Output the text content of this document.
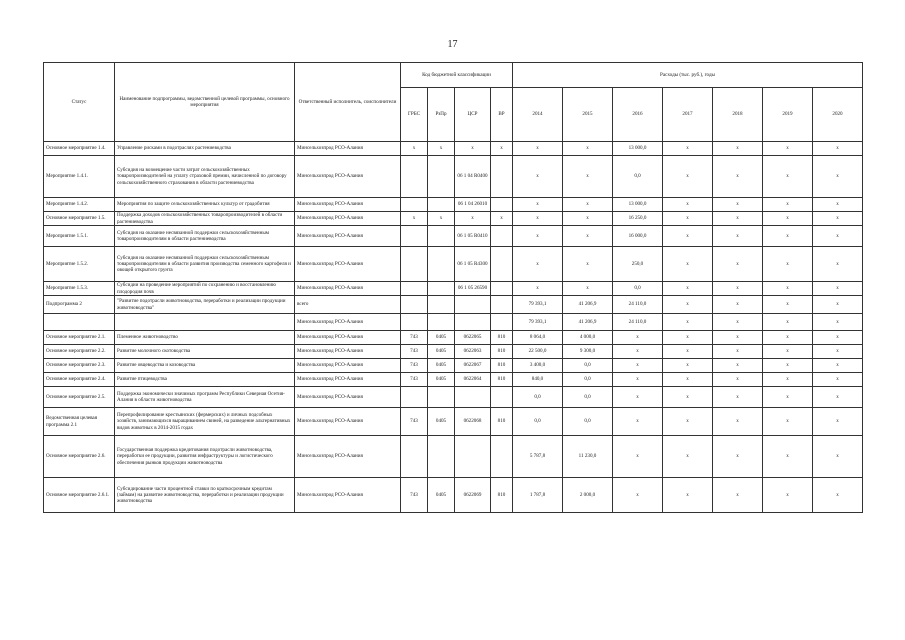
17
Статус	Наименование подпрограммы, ведомственной целевой программы, основного мероприятия	Ответственный исполнитель, соисполнители	Код бюджетной классификации				Расходы (тыс. руб.), годы						
			ГРБС	РзПр	ЦСР	ВР	2014	2015	2016	2017	2018	2019	2020
Основное мероприятие 1.4.	Управление рисками в подотраслях растениеводства	Минсельхозпрод РСО-Алания	х	х	х	х	х	х	13 000,0	х	х	х	х
Мероприятие 1.4.1.	Субсидия на возмещение части затрат сельскохозяйственных товаропроизводителей на уплату страховой премии, начисленной по договору сельскохозяйственного страхования в области растениеводства	Минсельхозпрод РСО-Алания			06 1 04 R0400		х	х	0,0	х	х	х	х
Мероприятие 1.4.2.	Мероприятия по защите сельскохозяйственных культур от градобития	Минсельхозпрод РСО-Алания			06 1 04 26010		х	х	13 000,0	х	х	х	х
Основное мероприятие 1.5.	Поддержка доходов сельскохозяйственных товаропроизводителей в области растениеводства	Минсельхозпрод РСО-Алания	х	х	х	х	х	х	16 250,0	х	х	х	х
Мероприятие 1.5.1.	Субсидия на оказание несвязанной поддержки сельскохозяйственным товаропроизводителям в области растениеводства	Минсельхозпрод РСО-Алания			06 1 05 R0410		х	х	16 000,0	х	х	х	х
Мероприятие 1.5.2.	Субсидия на оказание несвязанной поддержки сельскохозяйственным товаропроизводителям в области развития производства семенного картофеля и овощей открытого грунта	Минсельхозпрод РСО-Алания			06 1 05 R4300		х	х	250,0	х	х	х	х
Мероприятие 1.5.3.	Субсидии на проведение мероприятий по сохранению и восстановлению плодородия почв	Минсельхозпрод РСО-Алания			06 1 05 26590		х	х	0,0	х	х	х	х
Подпрограмма 2	"Развитие подотрасли животноводства, переработки и реализации продукции животноводства"	всего					79 393,1	41 206,9	24 110,0	х	х	х	х
		Минсельхозпрод РСО-Алания					79 393,1	41 206,9	24 110,0	х	х	х	х
Основное мероприятие 2.1.	Племенное животноводство	Минсельхозпрод РСО-Алания	743	0405	0622065	810	8 064,0	4 000,0	х	х	х	х	х
Основное мероприятие 2.2.	Развитие молочного скотоводства	Минсельхозпрод РСО-Алания	743	0405	0622063	810	22 500,0	9 300,0	х	х	х	х	х
Основное мероприятие 2.3.	Развитие овцеводства и козоводства	Минсельхозпрод РСО-Алания	743	0405	0622067	810	3 400,0	0,0	х	х	х	х	х
Основное мероприятие 2.4.	Развитие птицеводства	Минсельхозпрод РСО-Алания	743	0405	0622064	810	840,0	0,0	х	х	х	х	х
Основное мероприятие 2.5.	Поддержка экономически значимых программ Республики Северная Осетия-Алания в области животноводства	Минсельхозпрод РСО-Алания					0,0	0,0	х	х	х	х	х
Ведомственная целевая программа 2.1	Перепрофилирование крестьянских (фермерских) и личных подсобных хозяйств, занимающихся выращиванием свиней, на разведение альтернативных видов животных в 2014-2015 годах	Минсельхозпрод РСО-Алания	743	0405	0622068	810	0,0	0,0	х	х	х	х	х
Основное мероприятие 2.6.	Государственная поддержка кредитования подотрасли животноводства, переработки ее продукции, развития инфраструктуры и логистического обеспечения рынков продукции животноводства	Минсельхозпрод РСО-Алания					5 787,8	11 230,0	х	х	х	х	х
Основное мероприятие 2.6.1.	Субсидирование части процентной ставки по краткосрочным кредитам (займам) на развитие животноводства, переработки и реализации продукции животноводства	Минсельхозпрод РСО-Алания	743	0405	0622069	810	1 787,8	2 000,0	х	х	х	х	х
